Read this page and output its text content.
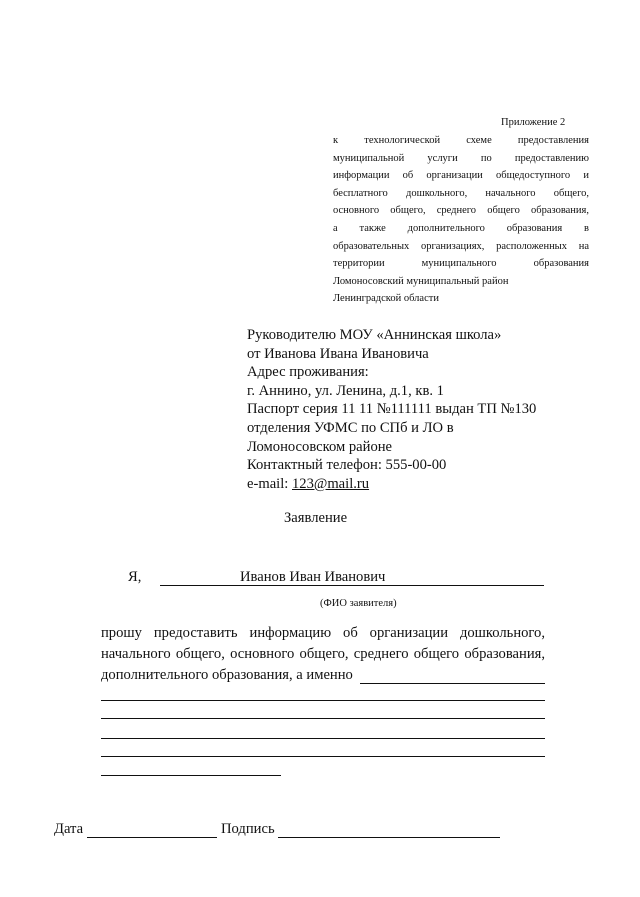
Приложение 2
к технологической схеме предоставления
муниципальной услуги по предоставлению
информации об организации общедоступного и
бесплатного дошкольного, начального общего,
основного общего, среднего общего образования,
а также дополнительного образования в
образовательных организациях, расположенных на
территории муниципального образования
Ломоносовский муниципальный район
Ленинградской области
Руководителю МОУ «Аннинская школа»
от Иванова Ивана Ивановича
Адрес проживания:
г. Аннино, ул. Ленина, д.1, кв. 1
Паспорт серия 11 11 №111111 выдан ТП №130
отделения УФМС по СПб и ЛО в
Ломоносовском районе
Контактный телефон: 555-00-00
e-mail: 123@mail.ru
Заявление
Я,	Иванов Иван Иванович
(ФИО заявителя)
прошу предоставить информацию об организации дошкольного,
начального общего, основного общего, среднего общего образования,
дополнительного образования, а именно
Дата	Подпись
